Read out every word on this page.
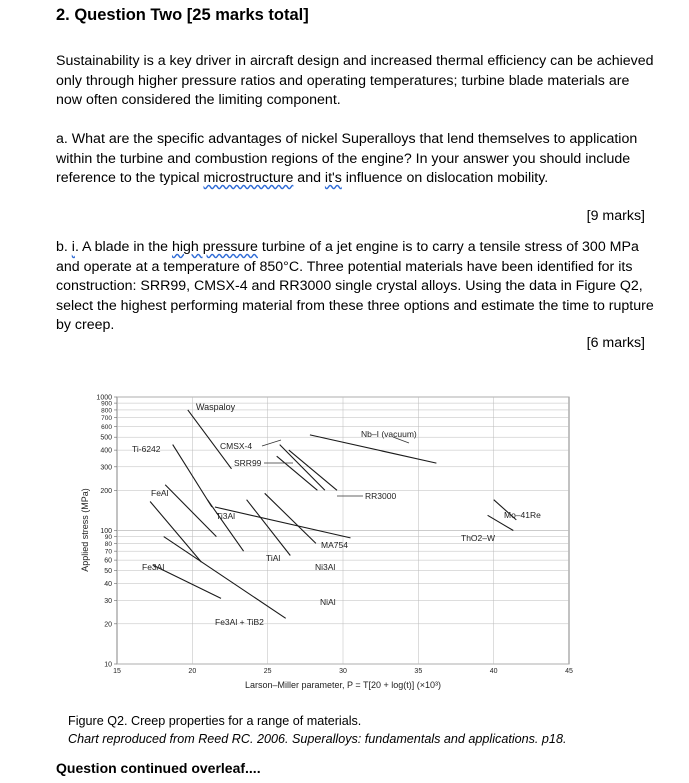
2. Question Two [25 marks total]
Sustainability is a key driver in aircraft design and increased thermal efficiency can be achieved only through higher pressure ratios and operating temperatures; turbine blade materials are now often considered the limiting component.
a. What are the specific advantages of nickel Superalloys that lend themselves to application within the turbine and combustion regions of the engine? In your answer you should include reference to the typical microstructure and it's influence on dislocation mobility.
[9 marks]
b. i. A blade in the high pressure turbine of a jet engine is to carry a tensile stress of 300 MPa and operate at a temperature of 850°C. Three potential materials have been identified for its construction: SRR99, CMSX-4 and RR3000 single crystal alloys. Using the data in Figure Q2, select the highest performing material from these three options and estimate the time to rupture by creep.
[6 marks]
10
20
30
40
50
60
70
80
90
100
200
300
400
500
600
700
800
900
1000
15	20	25	30	35	40	45
Applied stress (MPa)
Larson–Miller parameter, P = T[20 + log(t)] (×10³)
Waspaloy
Ti-6242	CMSX-4
SRR99
Nb–I (vacuum)
FeAl	RR3000
Ti3Al	Mo–41Re
ThO2–W
MA754
TiAl
Ni3Al
Fe3Al
NiAl
Fe3Al + TiB2
Figure Q2. Creep properties for a range of materials.
Chart reproduced from Reed RC. 2006. Superalloys: fundamentals and applications. p18.
Question continued overleaf....
